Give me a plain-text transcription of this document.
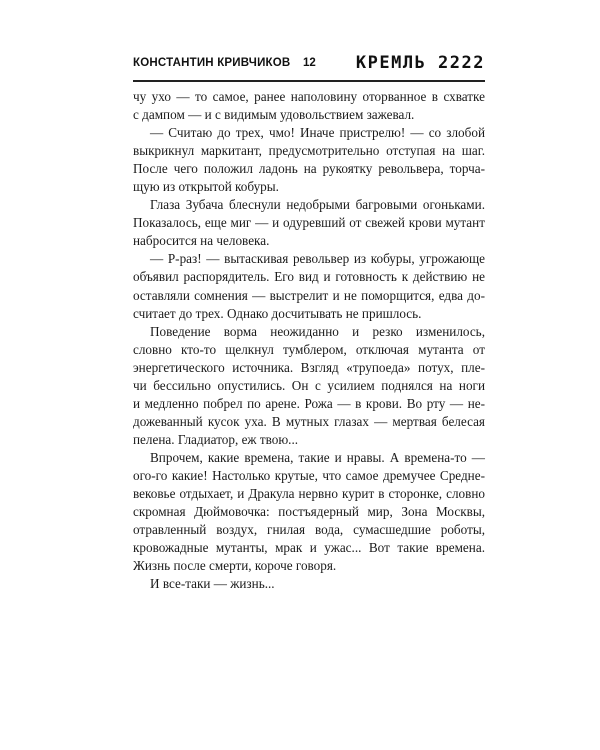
КОНСТАНТИН КРИВЧИКОВ 12 КРЕМЛЬ 2222
чу ухо — то самое, ранее наполовину оторванное в схватке
с дампом — и с видимым удовольствием зажевал.
— Считаю до трех, чмо! Иначе пристрелю! — со злобой
выкрикнул маркитант, предусмотрительно отступая на шаг.
После чего положил ладонь на рукоятку револьвера, торча-
щую из открытой кобуры.
Глаза Зубача блеснули недобрыми багровыми огоньками.
Показалось, еще миг — и одуревший от свежей крови мутант
набросится на человека.
— Р-раз! — вытаскивая револьвер из кобуры, угрожающе
объявил распорядитель. Его вид и готовность к действию не
оставляли сомнения — выстрелит и не поморщится, едва до-
считает до трех. Однако досчитывать не пришлось.
Поведение ворма неожиданно и резко изменилось,
словно кто-то щелкнул тумблером, отключая мутанта от
энергетического источника. Взгляд «трупоеда» потух, пле-
чи бессильно опустились. Он с усилием поднялся на ноги
и медленно побрел по арене. Рожа — в крови. Во рту — не-
дожеванный кусок уха. В мутных глазах — мертвая белесая
пелена. Гладиатор, еж твою...
Впрочем, какие времена, такие и нравы. А времена-то —
ого-го какие! Настолько крутые, что самое дремучее Средне-
вековье отдыхает, и Дракула нервно курит в сторонке, словно
скромная Дюймовочка: постъядерный мир, Зона Москвы,
отравленный воздух, гнилая вода, сумасшедшие роботы,
кровожадные мутанты, мрак и ужас... Вот такие времена.
Жизнь после смерти, короче говоря.
И все-таки — жизнь...
